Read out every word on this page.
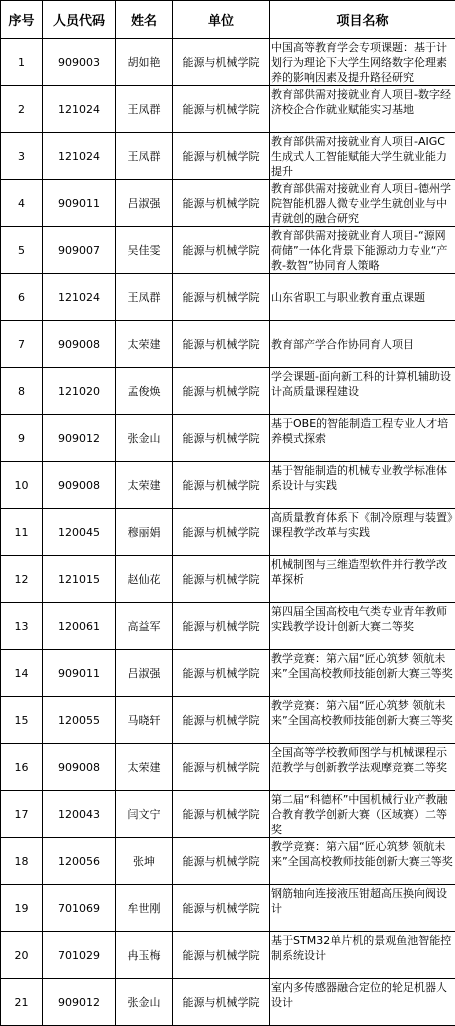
序号	人员代码	姓名	单位	项目名称

1	909003	胡如艳	能源与机械学院	中国高等教育学会专项课题：基于计划行为理论下大学生网络数字伦理素养的影响因素及提升路径研究

2	121024	王凤群	能源与机械学院	教育部供需对接就业育人项目-数字经济校企合作就业赋能实习基地

3	121024	王凤群	能源与机械学院	教育部供需对接就业育人项目-AIGC生成式人工智能赋能大学生就业能力提升

4	909011	吕淑强	能源与机械学院	教育部供需对接就业育人项目-德州学院智能机器人微专业学生就创业与中青就创的融合研究

5	909007	吴佳雯	能源与机械学院	教育部供需对接就业育人项目-“源网荷储”一体化背景下能源动力专业“产教-数智”协同育人策略

6	121024	王凤群	能源与机械学院	山东省职工与职业教育重点课题

7	909008	太荣建	能源与机械学院	教育部产学合作协同育人项目

8	121020	孟俊焕	能源与机械学院	学会课题-面向新工科的计算机辅助设计高质量课程建设

9	909012	张金山	能源与机械学院	基于OBE的智能制造工程专业人才培养模式探索

10	909008	太荣建	能源与机械学院	基于智能制造的机械专业教学标准体系设计与实践

11	120045	穆丽娟	能源与机械学院	高质量教育体系下《制冷原理与装置》课程教学改革与实践

12	121015	赵仙花	能源与机械学院	机械制图与三维造型软件并行教学改革探析

13	120061	高益军	能源与机械学院	第四届全国高校电气类专业青年教师实践教学设计创新大赛二等奖

14	909011	吕淑强	能源与机械学院	教学竞赛：第六届“匠心筑梦 领航未来”全国高校教师技能创新大赛三等奖

15	120055	马晓轩	能源与机械学院	教学竞赛：第六届“匠心筑梦 领航未来”全国高校教师技能创新大赛三等奖

16	909008	太荣建	能源与机械学院	全国高等学校教师图学与机械课程示范教学与创新教学法观摩竞赛二等奖

17	120043	闫文宁	能源与机械学院	第二届“科德杯”中国机械行业产教融合教育教学创新大赛（区域赛）二等奖

18	120056	张坤	能源与机械学院	教学竞赛：第六届“匠心筑梦 领航未来”全国高校教师技能创新大赛三等奖

19	701069	牟世刚	能源与机械学院	钢筋轴向连接液压钳超高压换向阀设计

20	701029	冉玉梅	能源与机械学院	基于STM32单片机的景观鱼池智能控制系统设计

21	909012	张金山	能源与机械学院	室内多传感器融合定位的轮足机器人设计
